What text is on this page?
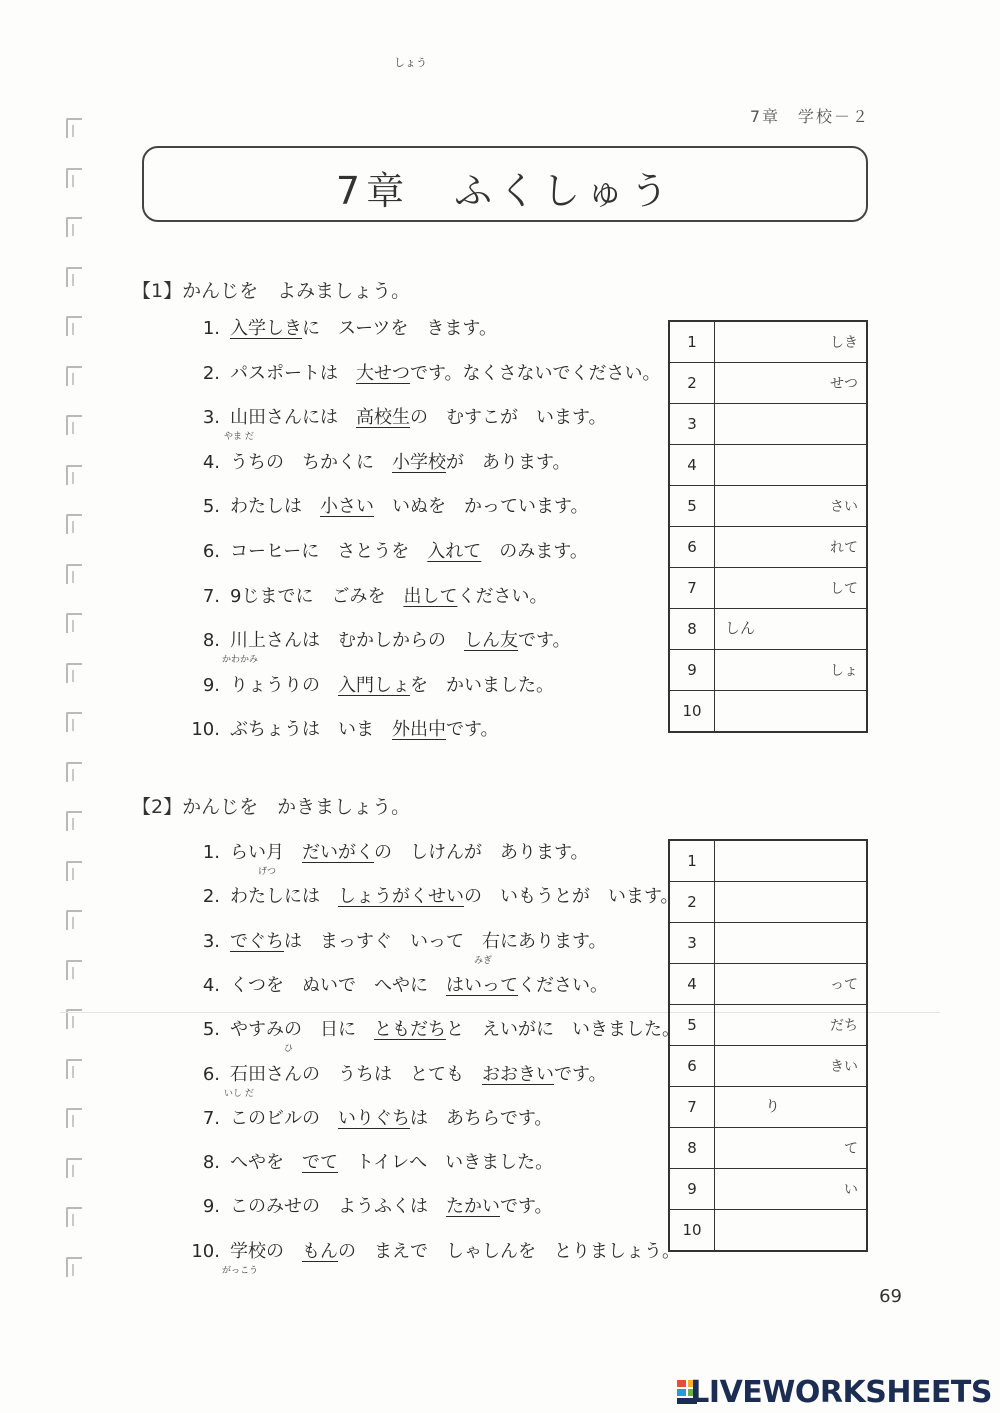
7章　学校－２
7章　ふくしゅう
しょう
【1】かんじを　よみましょう。
1. 入学しきに　スーツを　きます。
2. パスポートは　大せつです。なくさないでください。
3. 山田さんには　高校生の　むすこが　います。
やま だ
4. うちの　ちかくに　小学校が　あります。
5. わたしは　小さい　いぬを　かっています。
6. コーヒーに　さとうを　入れて　のみます。
7. 9じまでに　ごみを　出してください。
8. 川上さんは　むかしからの　しん友です。
かわかみ
9. りょうりの　入門しょを　かいました。
10. ぶちょうは　いま　外出中です。
1	しき
2	せつ
3
4
5	さい
6	れて
7	して
8	しん
9	しょ
10
【2】かんじを　かきましょう。
1. らい月　だいがくの　しけんが　あります。
げつ
2. わたしには　しょうがくせいの　いもうとが　います。
3. でぐちは　まっすぐ　いって　右にあります。
みぎ
4. くつを　ぬいで　へやに　はいってください。
5. やすみの　日に　ともだちと　えいがに　いきました。
ひ
6. 石田さんの　うちは　とても　おおきいです。
いし だ
7. このビルの　いりぐちは　あちらです。
8. へやを　でて　トイレへ　いきました。
9. このみせの　ようふくは　たかいです。
10. 学校の　もんの　まえで　しゃしんを　とりましょう。
がっこう
1
2
3
4	って
5	だち
6	きい
7	り
8	て
9	い
10
69
LIVEWORKSHEETS
